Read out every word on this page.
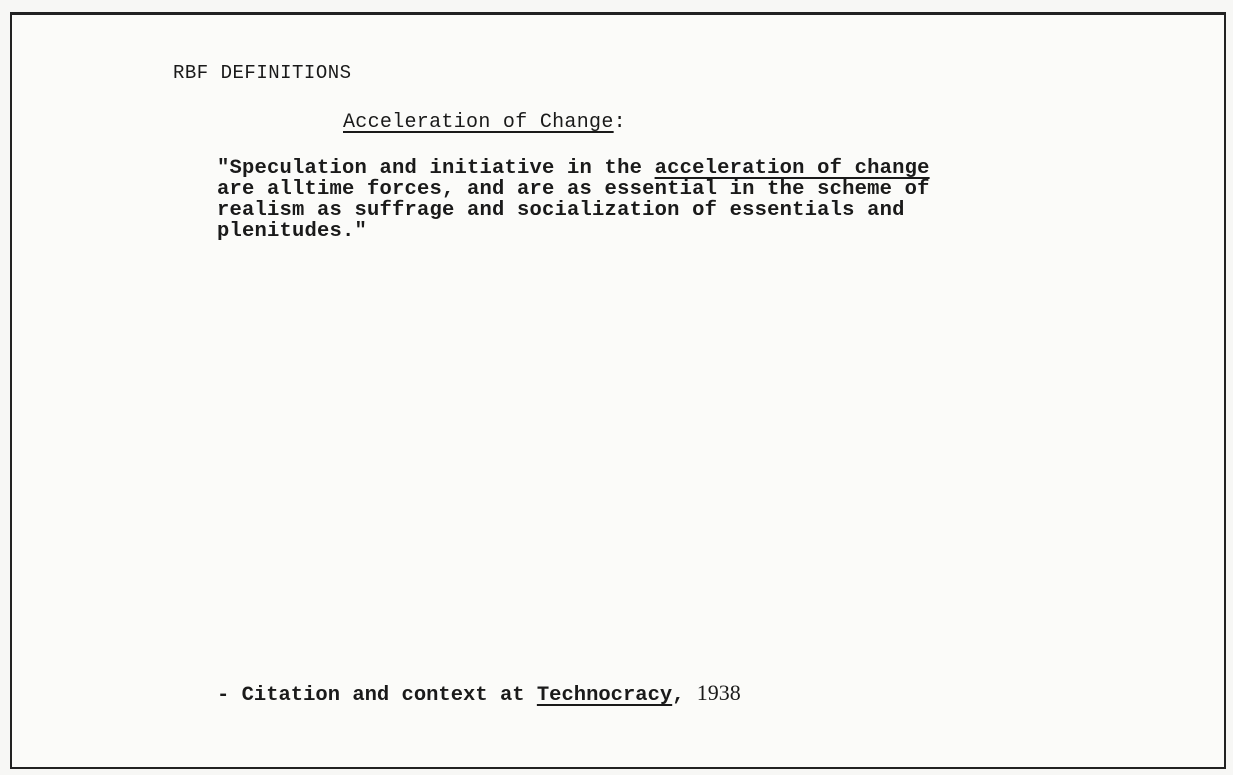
RBF DEFINITIONS
Acceleration of Change:
"Speculation and initiative in the acceleration of change
are alltime forces, and are as essential in the scheme of
realism as suffrage and socialization of essentials and
plenitudes."
- Citation and context at Technocracy, 1938
